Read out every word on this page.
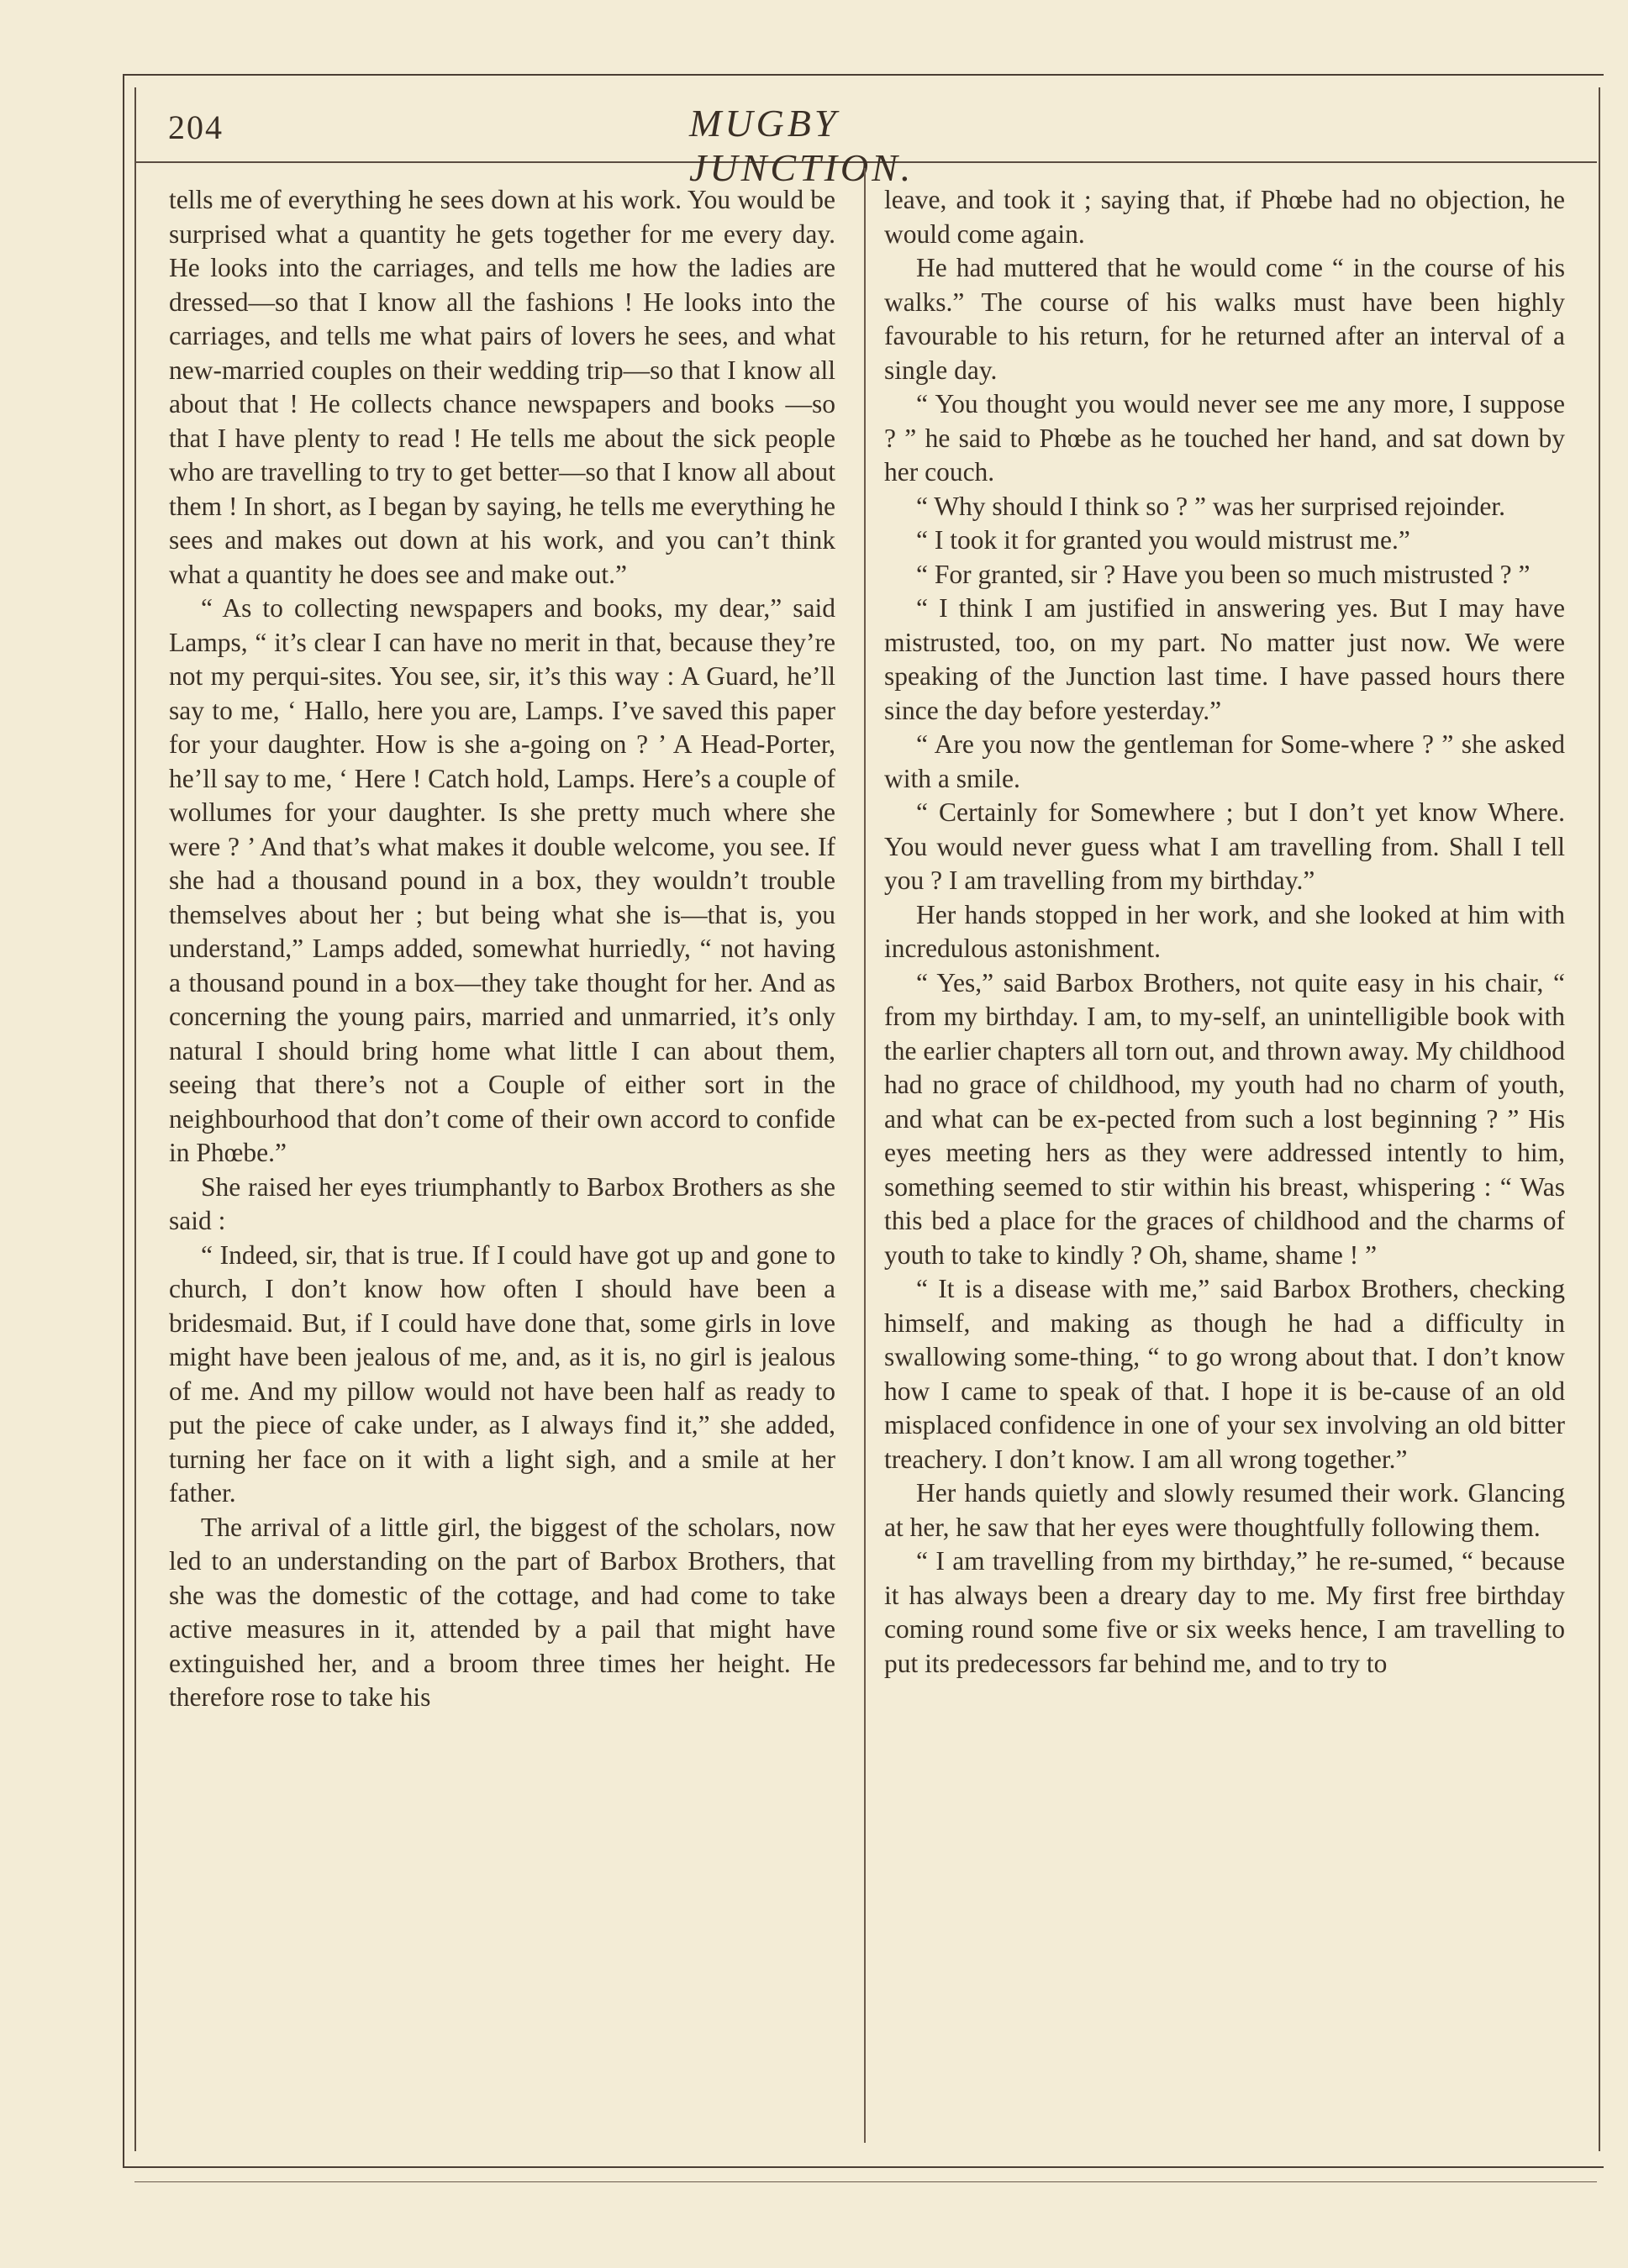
204	MUGBY JUNCTION.

tells me of everything he sees down at his work. You would be surprised what a quantity he gets together for me every day. He looks into the carriages, and tells me how the ladies are dressed—so that I know all the fashions ! He looks into the carriages, and tells me what pairs of lovers he sees, and what new-married couples on their wedding trip—so that I know all about that ! He collects chance newspapers and books —so that I have plenty to read ! He tells me about the sick people who are travelling to try to get better—so that I know all about them ! In short, as I began by saying, he tells me everything he sees and makes out down at his work, and you can’t think what a quantity he does see and make out.”

“ As to collecting newspapers and books, my dear,” said Lamps, “ it’s clear I can have no merit in that, because they’re not my perqui-sites. You see, sir, it’s this way : A Guard, he’ll say to me, ‘ Hallo, here you are, Lamps. I’ve saved this paper for your daughter. How is she a-going on ? ’ A Head-Porter, he’ll say to me, ‘ Here ! Catch hold, Lamps. Here’s a couple of wollumes for your daughter. Is she pretty much where she were ? ’ And that’s what makes it double welcome, you see. If she had a thousand pound in a box, they wouldn’t trouble themselves about her ; but being what she is—that is, you understand,” Lamps added, somewhat hurriedly, “ not having a thousand pound in a box—they take thought for her. And as concerning the young pairs, married and unmarried, it’s only natural I should bring home what little I can about them, seeing that there’s not a Couple of either sort in the neighbourhood that don’t come of their own accord to confide in Phœbe.”

She raised her eyes triumphantly to Barbox Brothers as she said :

“ Indeed, sir, that is true. If I could have got up and gone to church, I don’t know how often I should have been a bridesmaid. But, if I could have done that, some girls in love might have been jealous of me, and, as it is, no girl is jealous of me. And my pillow would not have been half as ready to put the piece of cake under, as I always find it,” she added, turning her face on it with a light sigh, and a smile at her father.

The arrival of a little girl, the biggest of the scholars, now led to an understanding on the part of Barbox Brothers, that she was the domestic of the cottage, and had come to take active measures in it, attended by a pail that might have extinguished her, and a broom three times her height. He therefore rose to take his

leave, and took it ; saying that, if Phœbe had no objection, he would come again.

He had muttered that he would come “ in the course of his walks.” The course of his walks must have been highly favourable to his return, for he returned after an interval of a single day.

“ You thought you would never see me any more, I suppose ? ” he said to Phœbe as he touched her hand, and sat down by her couch.

“ Why should I think so ? ” was her surprised rejoinder.

“ I took it for granted you would mistrust me.”

“ For granted, sir ? Have you been so much mistrusted ? ”

“ I think I am justified in answering yes. But I may have mistrusted, too, on my part. No matter just now. We were speaking of the Junction last time. I have passed hours there since the day before yesterday.”

“ Are you now the gentleman for Some-where ? ” she asked with a smile.

“ Certainly for Somewhere ; but I don’t yet know Where. You would never guess what I am travelling from. Shall I tell you ? I am travelling from my birthday.”

Her hands stopped in her work, and she looked at him with incredulous astonishment.

“ Yes,” said Barbox Brothers, not quite easy in his chair, “ from my birthday. I am, to my-self, an unintelligible book with the earlier chapters all torn out, and thrown away. My childhood had no grace of childhood, my youth had no charm of youth, and what can be ex-pected from such a lost beginning ? ” His eyes meeting hers as they were addressed intently to him, something seemed to stir within his breast, whispering : “ Was this bed a place for the graces of childhood and the charms of youth to take to kindly ? Oh, shame, shame ! ”

“ It is a disease with me,” said Barbox Brothers, checking himself, and making as though he had a difficulty in swallowing some-thing, “ to go wrong about that. I don’t know how I came to speak of that. I hope it is be-cause of an old misplaced confidence in one of your sex involving an old bitter treachery. I don’t know. I am all wrong together.”

Her hands quietly and slowly resumed their work. Glancing at her, he saw that her eyes were thoughtfully following them.

“ I am travelling from my birthday,” he re-sumed, “ because it has always been a dreary day to me. My first free birthday coming round some five or six weeks hence, I am travelling to put its predecessors far behind me, and to try to
